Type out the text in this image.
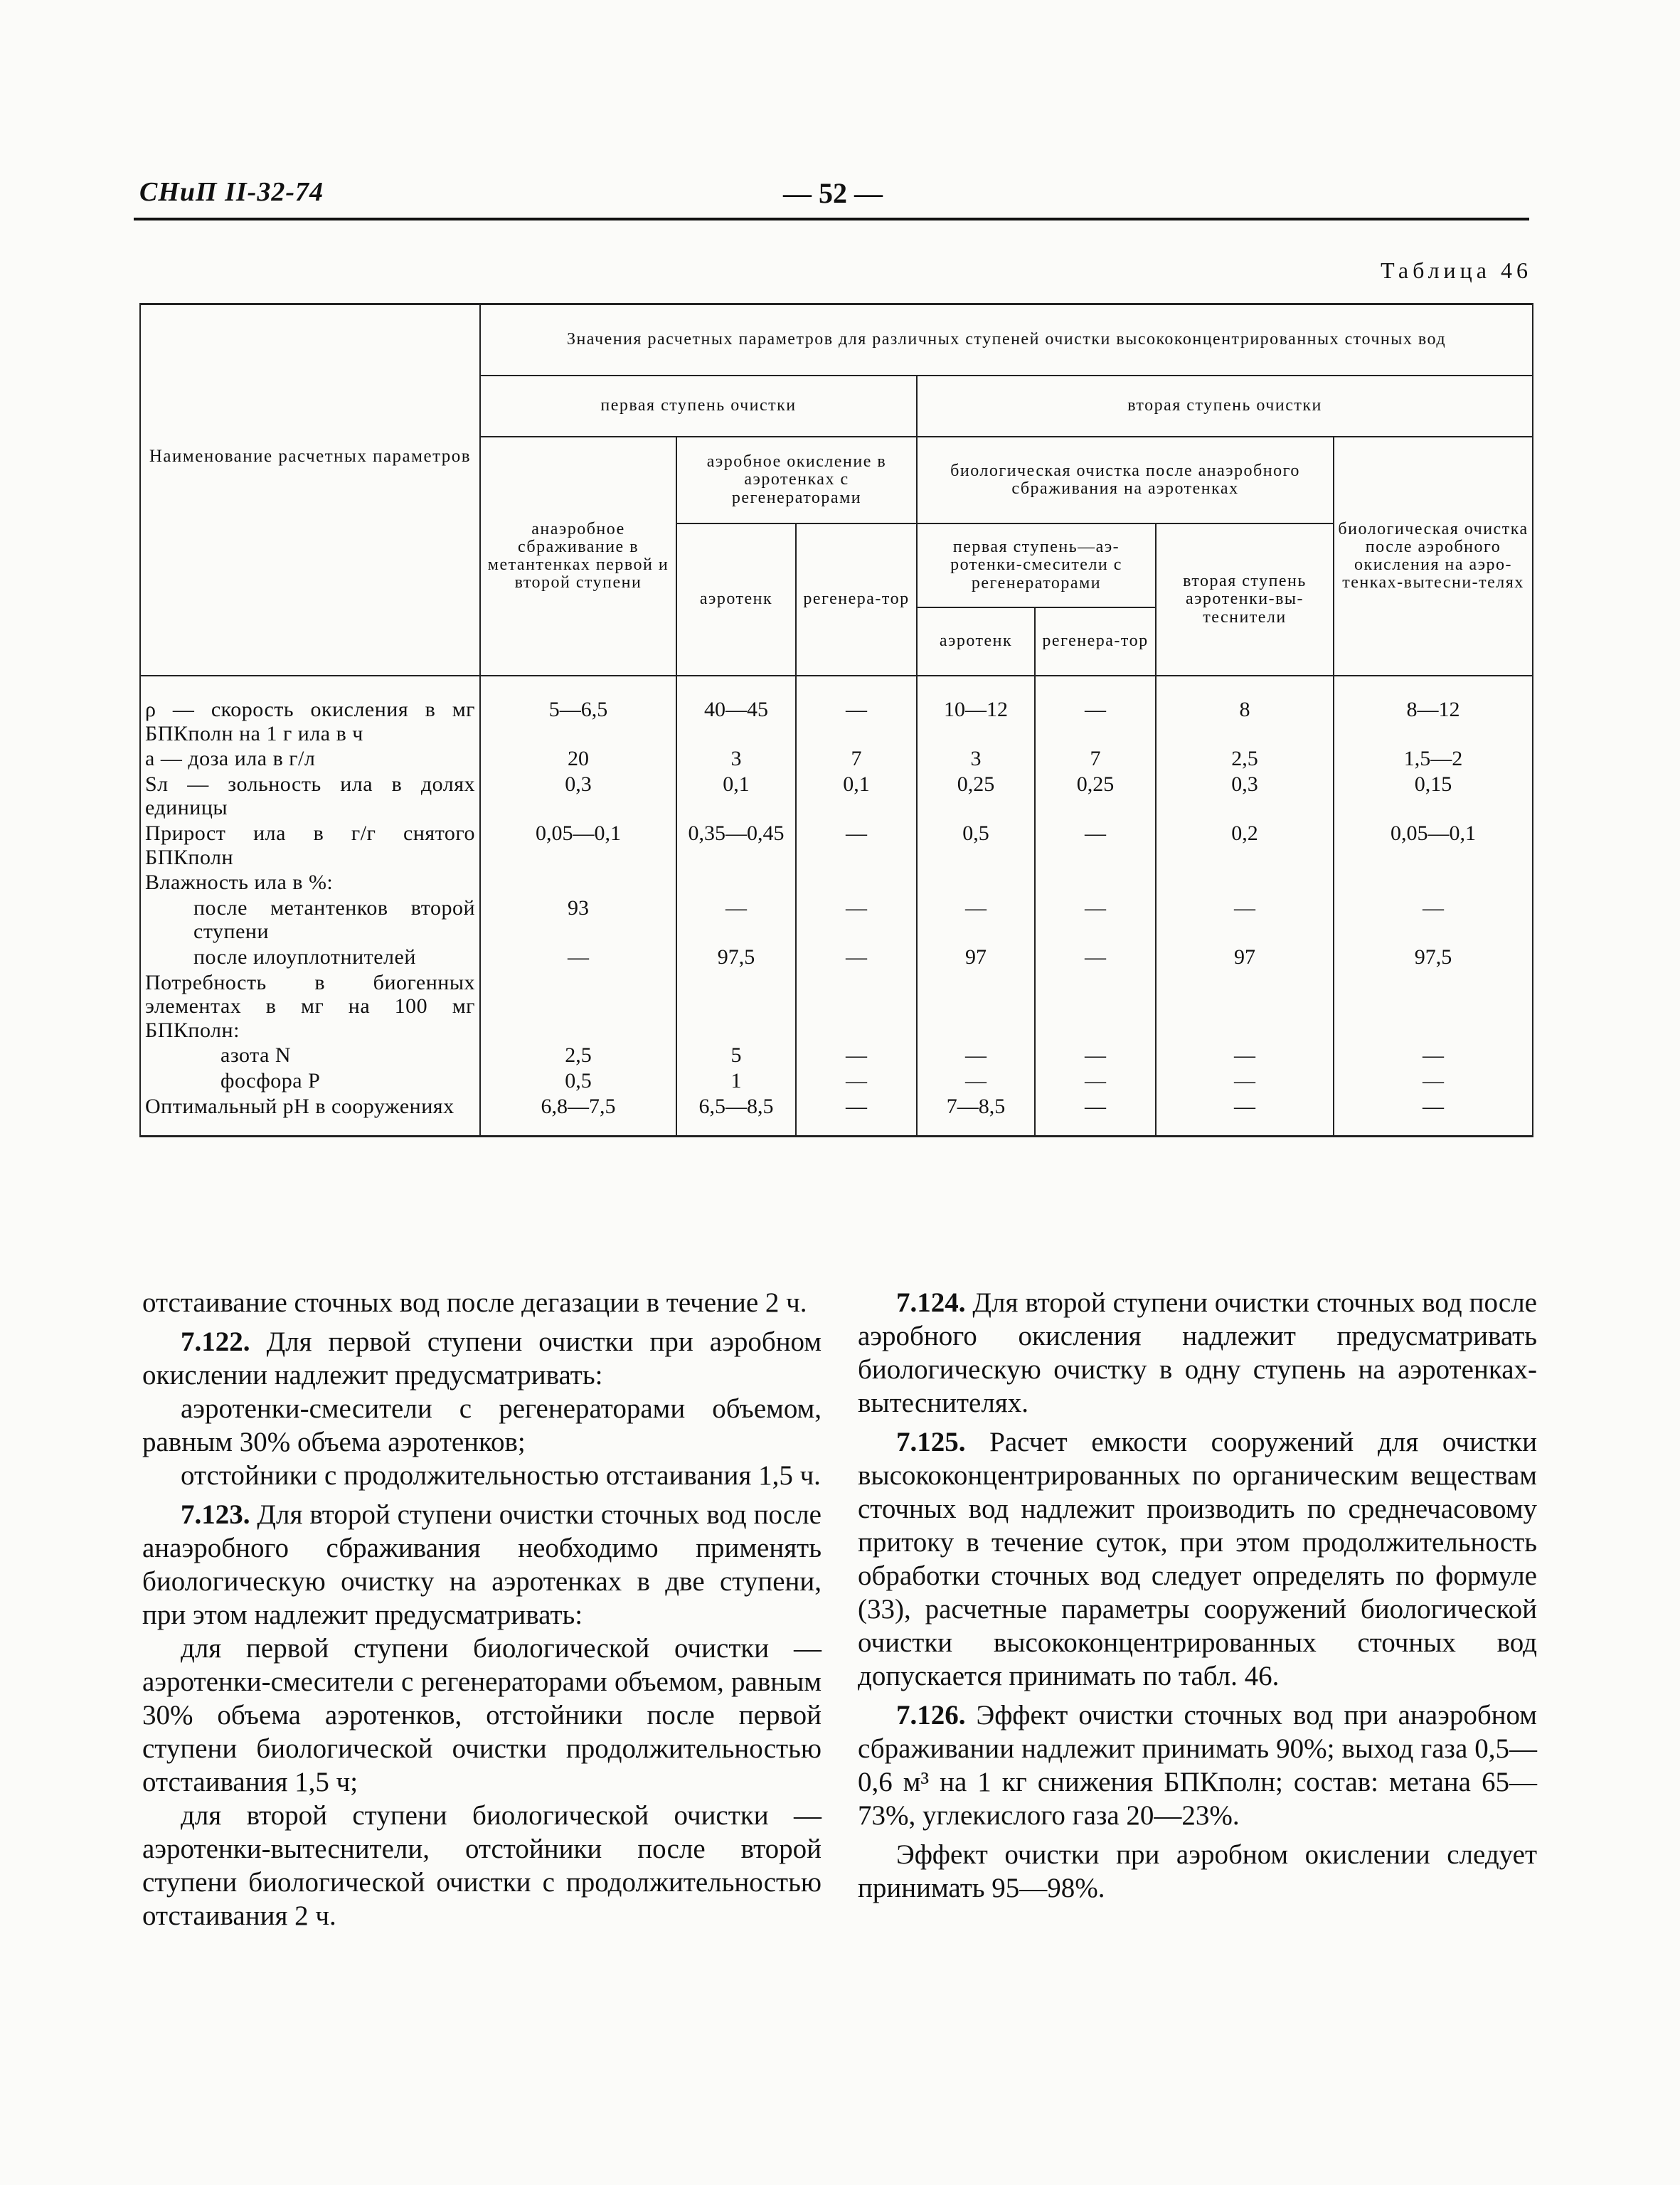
СНиП II-32-74	— 52 —
Таблица 46
Наименование расчетных параметров	Значения расчетных параметров для различных ступеней очистки высококонцентрированных сточных вод						
	первая ступень очистки			вторая ступень очистки			
	анаэробное сбраживание в метантенках первой и второй ступени	аэробное окисление в аэротенках с регенераторами		биологическая очистка после анаэробного сбраживания на аэротенках			биологическая очистка после аэробного окисления на аэро-тенках-вытесни-телях
		аэротенк	регенера-тор	первая ступень—аэ-ротенки-смесители с регенераторами		вторая ступень аэротенки-вы-теснители	
				аэротенк	регенера-тор		
ρ — скорость окисления в мг БПКполн на 1 г ила в ч	5—6,5	40—45	—	10—12	—	8	8—12
a — доза ила в г/л	20	3	7	3	7	2,5	1,5—2
Sл — зольность ила в долях единицы	0,3	0,1	0,1	0,25	0,25	0,3	0,15
Прирост ила в г/г снятого БПКполн	0,05—0,1	0,35—0,45	—	0,5	—	0,2	0,05—0,1
Влажность ила в %:							
после метантенков второй ступени	93	—	—	—	—	—	—
после илоуплотнителей	—	97,5	—	97	—	97	97,5
Потребность в биогенных элементах в мг на 100 мг БПКполн:							
азота N	2,5	5	—	—	—	—	—
фосфора P	0,5	1	—	—	—	—	—
Оптимальный pH в сооружениях	6,8—7,5	6,5—8,5	—	7—8,5	—	—	—

отстаивание сточных вод после дегазации в течение 2 ч.

7.122. Для первой ступени очистки при аэробном окислении надлежит предусматривать:

аэротенки-смесители с регенераторами объемом, равным 30% объема аэротенков;

отстойники с продолжительностью отстаивания 1,5 ч.

7.123. Для второй ступени очистки сточных вод после анаэробного сбраживания необходимо применять биологическую очистку на аэротенках в две ступени, при этом надлежит предусматривать:

для первой ступени биологической очистки — аэротенки-смесители с регенераторами объемом, равным 30% объема аэротенков, отстойники после первой ступени биологической очистки продолжительностью отстаивания 1,5 ч;

для второй ступени биологической очистки — аэротенки-вытеснители, отстойники после второй ступени биологической очистки с продолжительностью отстаивания 2 ч.

7.124. Для второй ступени очистки сточных вод после аэробного окисления надлежит предусматривать биологическую очистку в одну ступень на аэротенках-вытеснителях.

7.125. Расчет емкости сооружений для очистки высококонцентрированных по органическим веществам сточных вод надлежит производить по среднечасовому притоку в течение суток, при этом продолжительность обработки сточных вод следует определять по формуле (33), расчетные параметры сооружений биологической очистки высококонцентрированных сточных вод допускается принимать по табл. 46.

7.126. Эффект очистки сточных вод при анаэробном сбраживании надлежит принимать 90%; выход газа 0,5—0,6 м³ на 1 кг снижения БПКполн; состав: метана 65—73%, углекислого газа 20—23%.

Эффект очистки при аэробном окислении следует принимать 95—98%.
